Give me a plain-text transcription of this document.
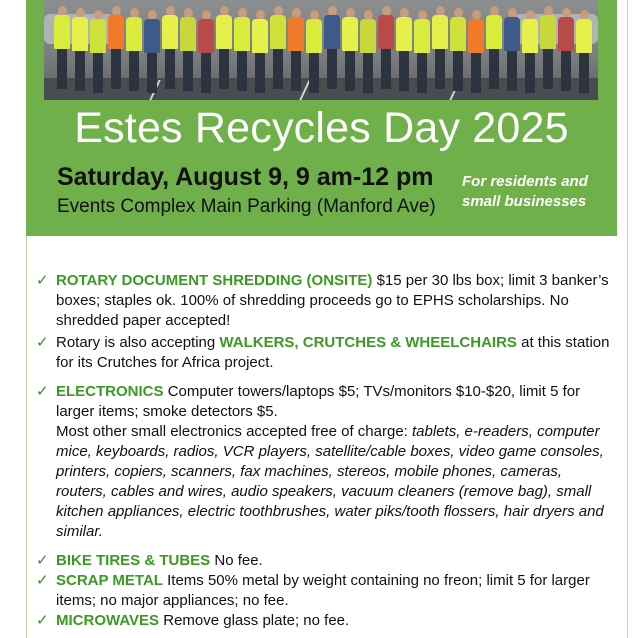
Estes Recycles Day 2025
Saturday, August 9, 9 am-12 pm
Events Complex Main Parking (Manford Ave)
For residents and
small businesses
✓ ROTARY DOCUMENT SHREDDING (ONSITE) $15 per 30 lbs box; limit 3 banker’s boxes; staples ok. 100% of shredding proceeds go to EPHS scholarships. No shredded paper accepted!
✓ Rotary is also accepting WALKERS, CRUTCHES & WHEELCHAIRS at this station for its Crutches for Africa project.
✓ ELECTRONICS Computer towers/laptops $5; TVs/monitors $10-$20, limit 5 for larger items; smoke detectors $5.
Most other small electronics accepted free of charge: tablets, e-readers, computer mice, keyboards, radios, VCR players, satellite/cable boxes, video game consoles, printers, copiers, scanners, fax machines, stereos, mobile phones, cameras, routers, cables and wires, audio speakers, vacuum cleaners (remove bag), small kitchen appliances, electric toothbrushes, water piks/tooth flossers, hair dryers and similar.
✓ BIKE TIRES & TUBES No fee.
✓ SCRAP METAL Items 50% metal by weight containing no freon; limit 5 for larger items; no major appliances; no fee.
✓ MICROWAVES Remove glass plate; no fee.
